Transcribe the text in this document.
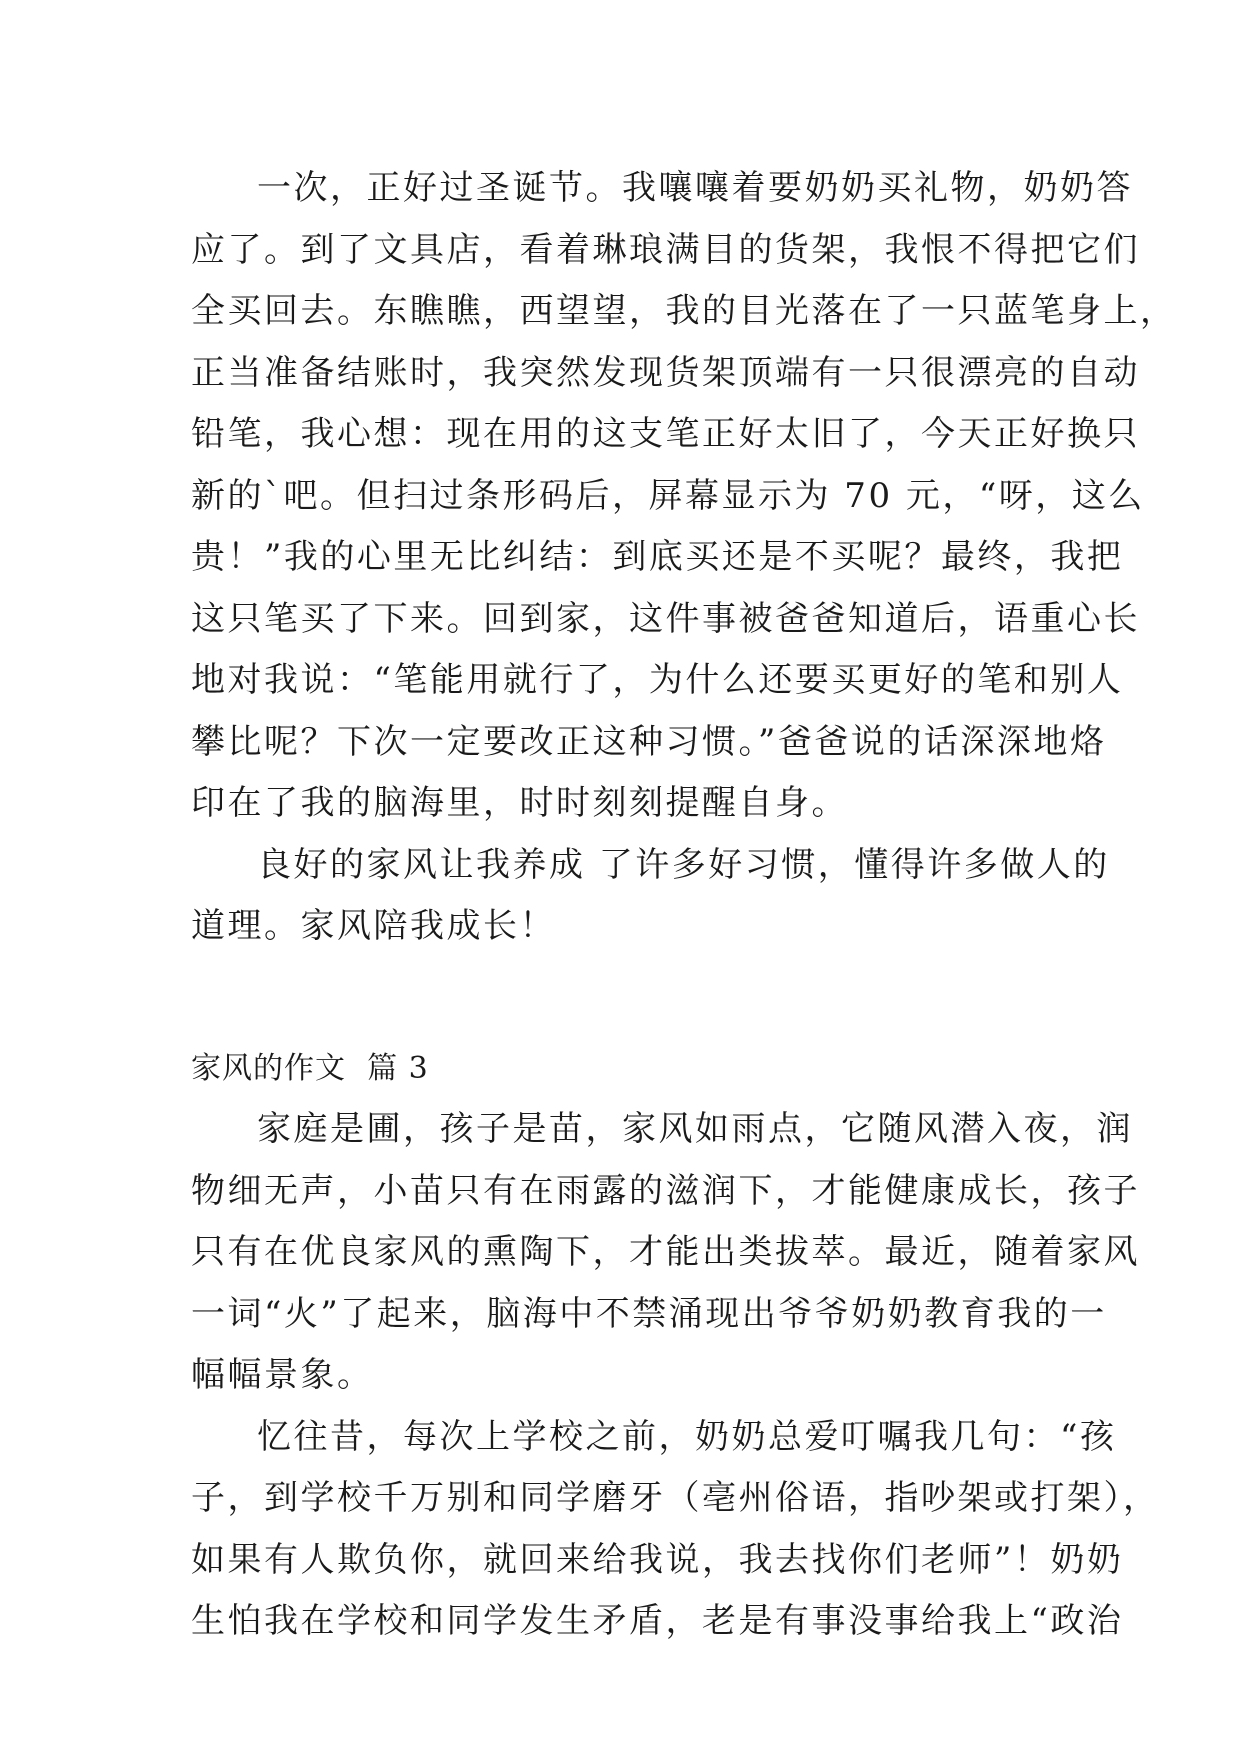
一次，正好过圣诞节。我嚷嚷着要奶奶买礼物，奶奶答
应了。到了文具店，看着琳琅满目的货架，我恨不得把它们
全买回去。东瞧瞧，西望望，我的目光落在了一只蓝笔身上，
正当准备结账时，我突然发现货架顶端有一只很漂亮的自动
铅笔，我心想：现在用的这支笔正好太旧了，今天正好换只
新的`吧。但扫过条形码后，屏幕显示为 70 元，“呀，这么
贵！”我的心里无比纠结：到底买还是不买呢？最终，我把
这只笔买了下来。回到家，这件事被爸爸知道后，语重心长
地对我说：“笔能用就行了，为什么还要买更好的笔和别人
攀比呢？下次一定要改正这种习惯。”爸爸说的话深深地烙
印在了我的脑海里，时时刻刻提醒自身。
良好的家风让我养成 了许多好习惯，懂得许多做人的
道理。家风陪我成长！
家风的作文  篇 3
家庭是圃，孩子是苗，家风如雨点，它随风潜入夜，润
物细无声，小苗只有在雨露的滋润下，才能健康成长，孩子
只有在优良家风的熏陶下，才能出类拔萃。最近，随着家风
一词“火”了起来，脑海中不禁涌现出爷爷奶奶教育我的一
幅幅景象。
忆往昔，每次上学校之前，奶奶总爱叮嘱我几句：“孩
子，到学校千万别和同学磨牙（亳州俗语，指吵架或打架），
如果有人欺负你，就回来给我说，我去找你们老师”！奶奶
生怕我在学校和同学发生矛盾，老是有事没事给我上“政治
